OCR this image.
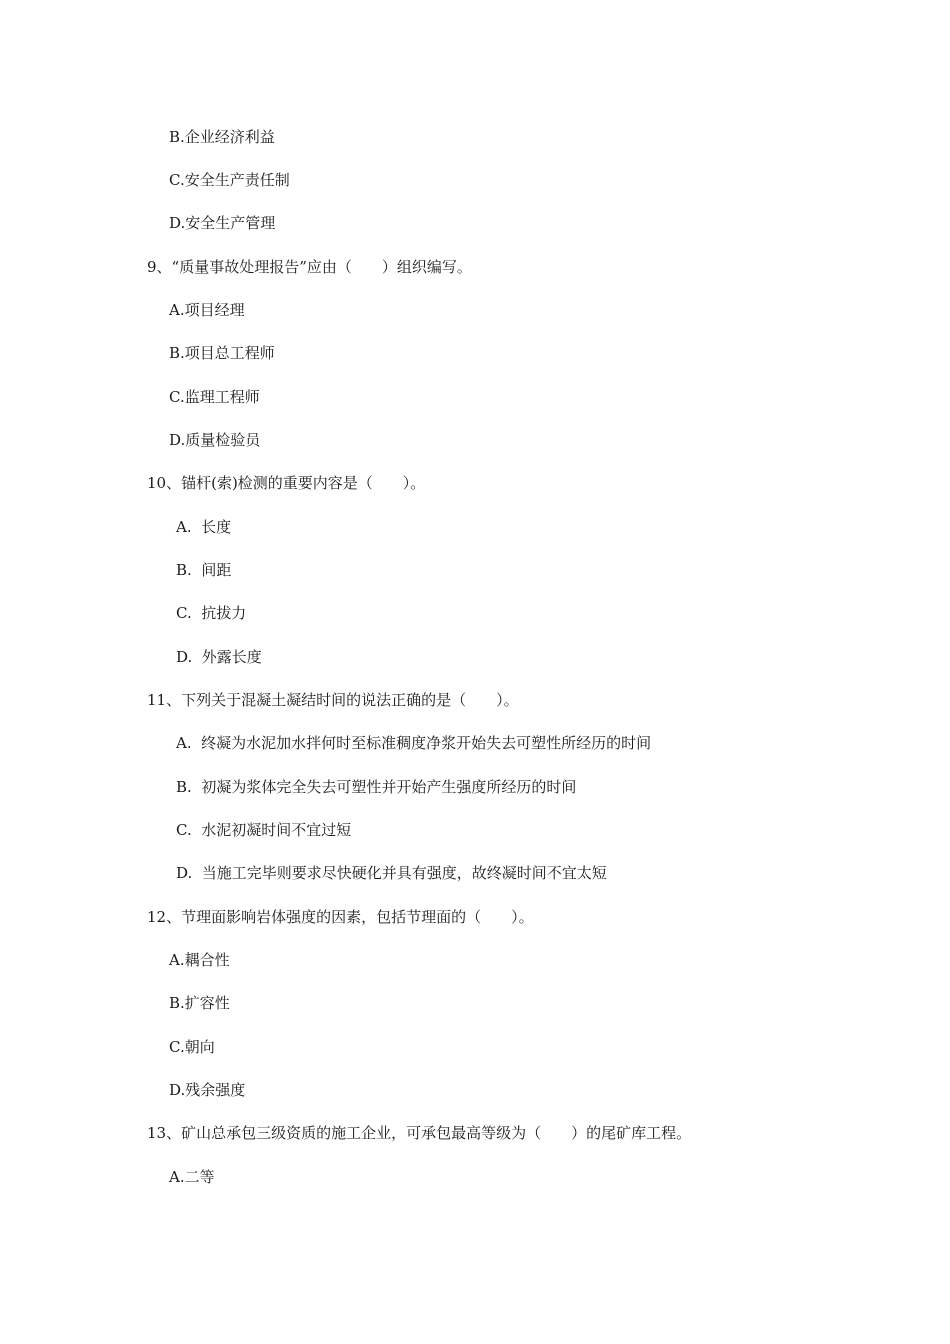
B.企业经济利益
C.安全生产责任制
D.安全生产管理
9、“质量事故处理报告”应由（　　）组织编写。
A.项目经理
B.项目总工程师
C.监理工程师
D.质量检验员
10、锚杆(索)检测的重要内容是（　　）。
A.  长度
B.  间距
C.  抗拔力
D.  外露长度
11、下列关于混凝土凝结时间的说法正确的是（　　）。
A.  终凝为水泥加水拌何时至标准稠度净浆开始失去可塑性所经历的时间
B.  初凝为浆体完全失去可塑性并开始产生强度所经历的时间
C.  水泥初凝时间不宜过短
D.  当施工完毕则要求尽快硬化并具有强度，故终凝时间不宜太短
12、节理面影响岩体强度的因素，包括节理面的（　　）。
A.耦合性
B.扩容性
C.朝向
D.残余强度
13、矿山总承包三级资质的施工企业，可承包最高等级为（　　）的尾矿库工程。
A.二等
